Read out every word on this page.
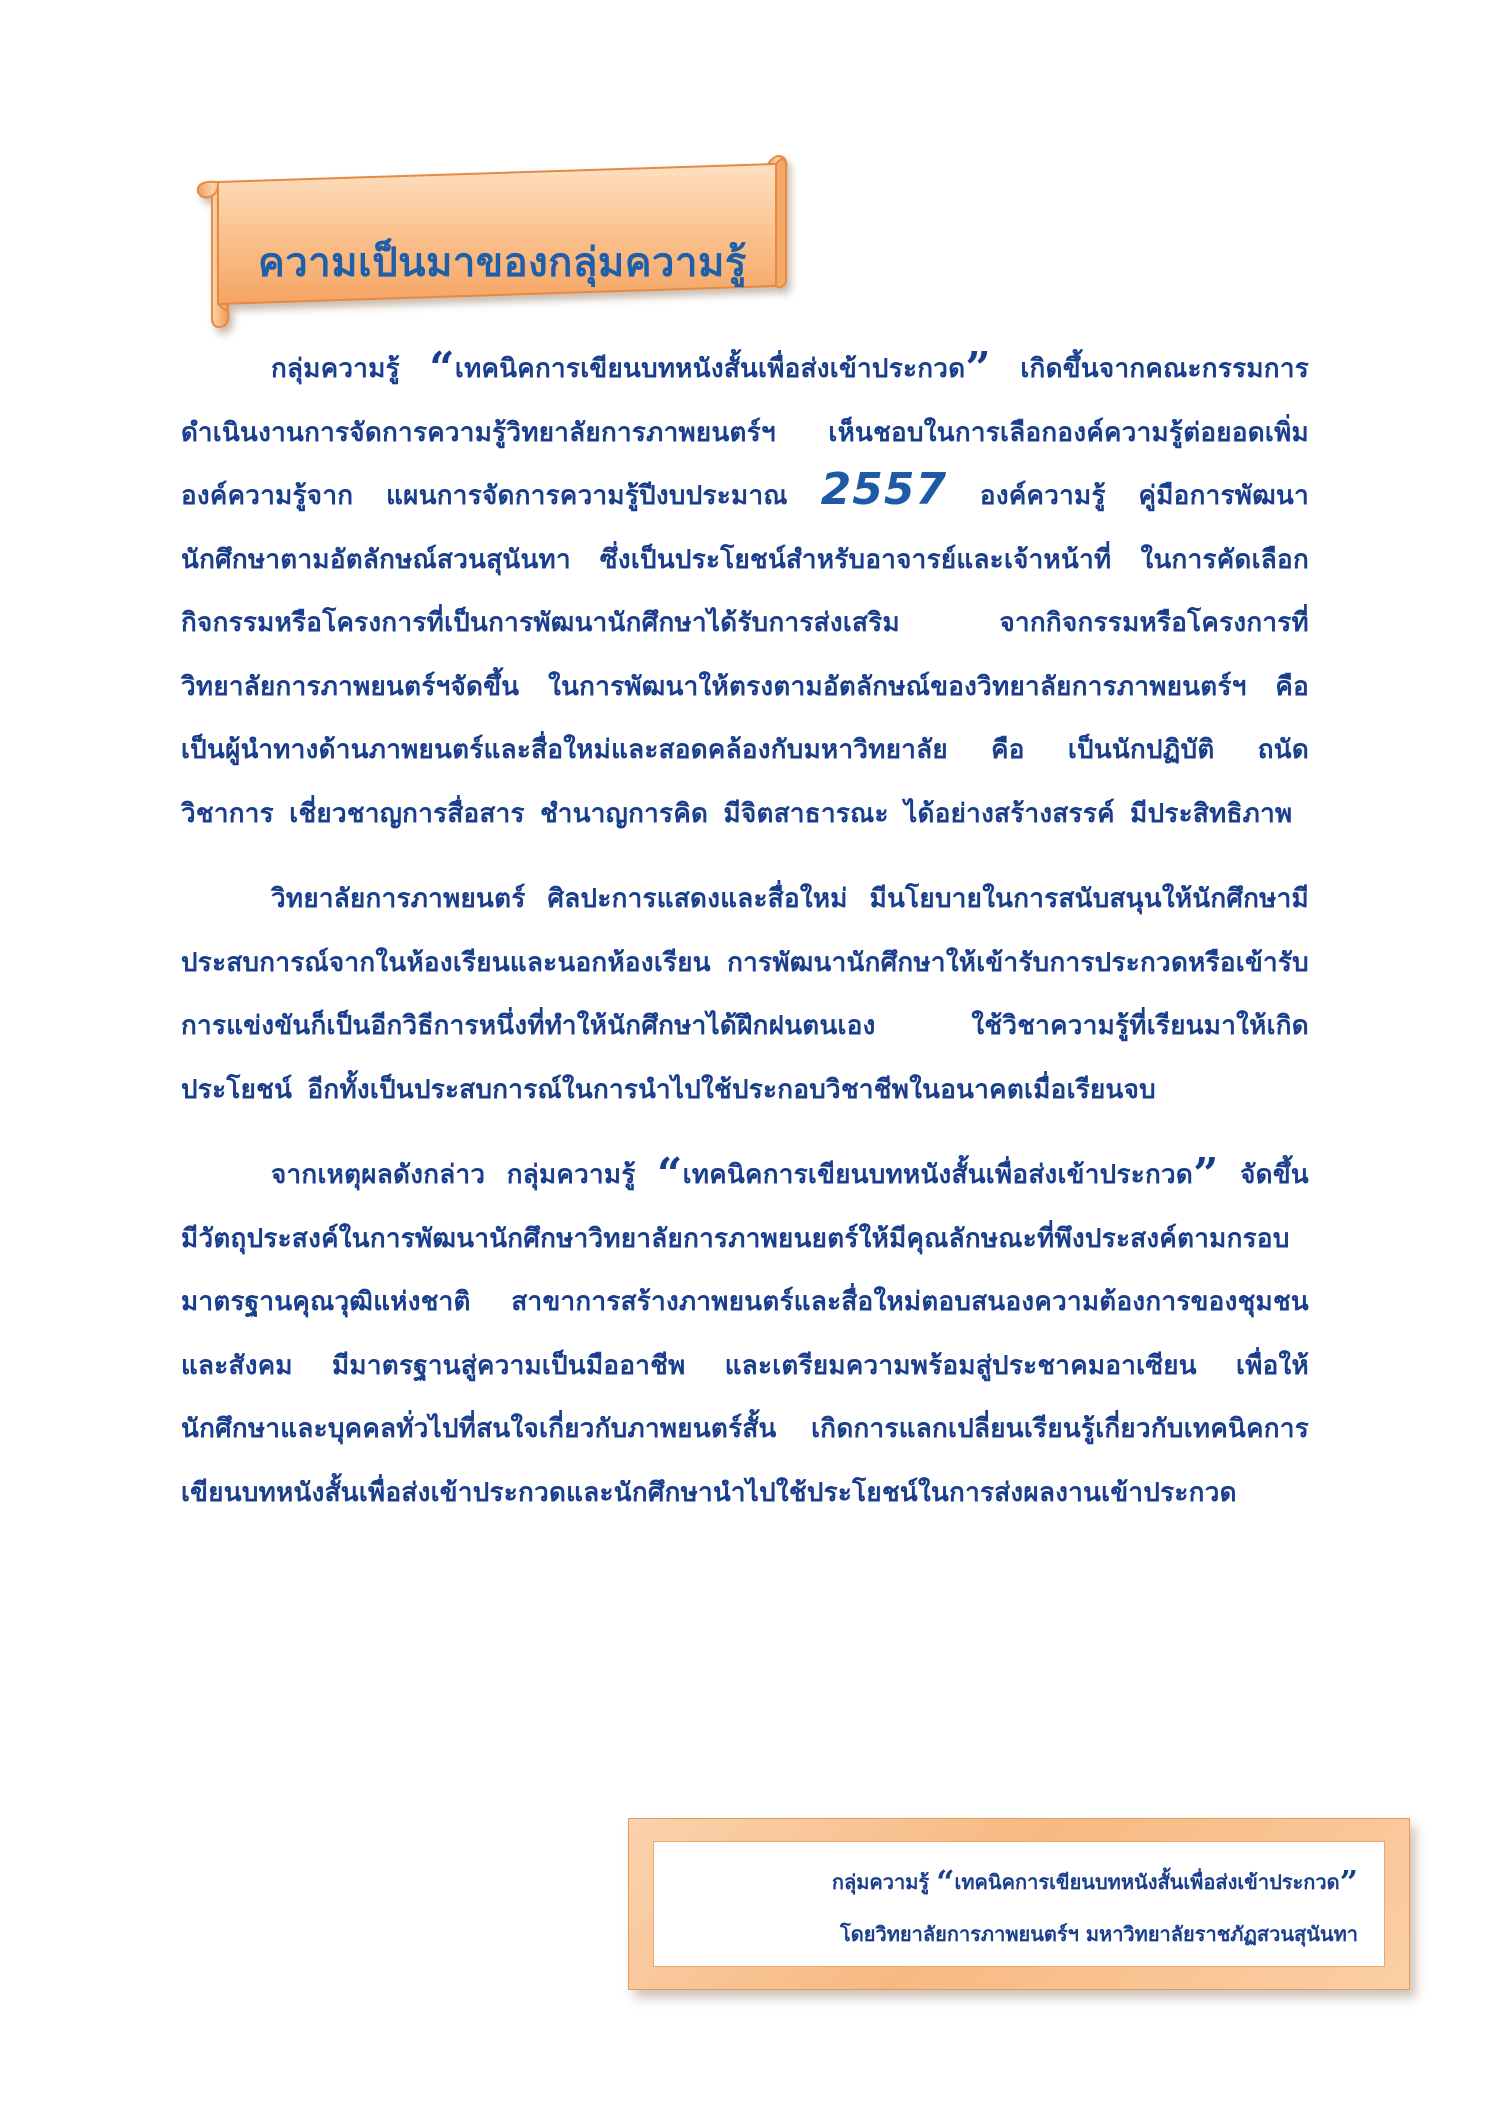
ความเป็นมาของกลุ่มความรู้

กลุ่มความรู้ “เทคนิคการเขียนบทหนังสั้นเพื่อส่งเข้าประกวด” เกิดขึ้นจากคณะกรรมการดำเนินงานการจัดการความรู้วิทยาลัยการภาพยนตร์ฯ เห็นชอบในการเลือกองค์ความรู้ต่อยอดเพิ่มองค์ความรู้จาก แผนการจัดการความรู้ปีงบประมาณ 2557 องค์ความรู้ คู่มือการพัฒนานักศึกษาตามอัตลักษณ์สวนสุนันทา ซึ่งเป็นประโยชน์สำหรับอาจารย์และเจ้าหน้าที่ ในการคัดเลือกกิจกรรมหรือโครงการที่เป็นการพัฒนานักศึกษาได้รับการส่งเสริม จากกิจกรรมหรือโครงการที่วิทยาลัยการภาพยนตร์ฯจัดขึ้น ในการพัฒนาให้ตรงตามอัตลักษณ์ของวิทยาลัยการภาพยนตร์ฯ คือ เป็นผู้นำทางด้านภาพยนตร์และสื่อใหม่และสอดคล้องกับมหาวิทยาลัย คือ เป็นนักปฏิบัติ ถนัดวิชาการ เชี่ยวชาญการสื่อสาร ชำนาญการคิด มีจิตสาธารณะ ได้อย่างสร้างสรรค์ มีประสิทธิภาพ

วิทยาลัยการภาพยนตร์ ศิลปะการแสดงและสื่อใหม่ มีนโยบายในการสนับสนุนให้นักศึกษามีประสบการณ์จากในห้องเรียนและนอกห้องเรียน การพัฒนานักศึกษาให้เข้ารับการประกวดหรือเข้ารับการแข่งขันก็เป็นอีกวิธีการหนึ่งที่ทำให้นักศึกษาได้ฝึกฝนตนเอง ใช้วิชาความรู้ที่เรียนมาให้เกิดประโยชน์ อีกทั้งเป็นประสบการณ์ในการนำไปใช้ประกอบวิชาชีพในอนาคตเมื่อเรียนจบ

จากเหตุผลดังกล่าว กลุ่มความรู้ “เทคนิคการเขียนบทหนังสั้นเพื่อส่งเข้าประกวด” จัดขึ้น มีวัตถุประสงค์ในการพัฒนานักศึกษาวิทยาลัยการภาพยนยตร์ให้มีคุณลักษณะที่พึงประสงค์ตามกรอบมาตรฐานคุณวุฒิแห่งชาติ สาขาการสร้างภาพยนตร์และสื่อใหม่ตอบสนองความต้องการของชุมชน และสังคม มีมาตรฐานสู่ความเป็นมืออาชีพ และเตรียมความพร้อมสู่ประชาคมอาเซียน เพื่อให้นักศึกษาและบุคคลทั่วไปที่สนใจเกี่ยวกับภาพยนตร์สั้น เกิดการแลกเปลี่ยนเรียนรู้เกี่ยวกับเทคนิคการเขียนบทหนังสั้นเพื่อส่งเข้าประกวดและนักศึกษานำไปใช้ประโยชน์ในการส่งผลงานเข้าประกวด

กลุ่มความรู้ “เทคนิคการเขียนบทหนังสั้นเพื่อส่งเข้าประกวด”
โดยวิทยาลัยการภาพยนตร์ฯ มหาวิทยาลัยราชภัฏสวนสุนันทา
